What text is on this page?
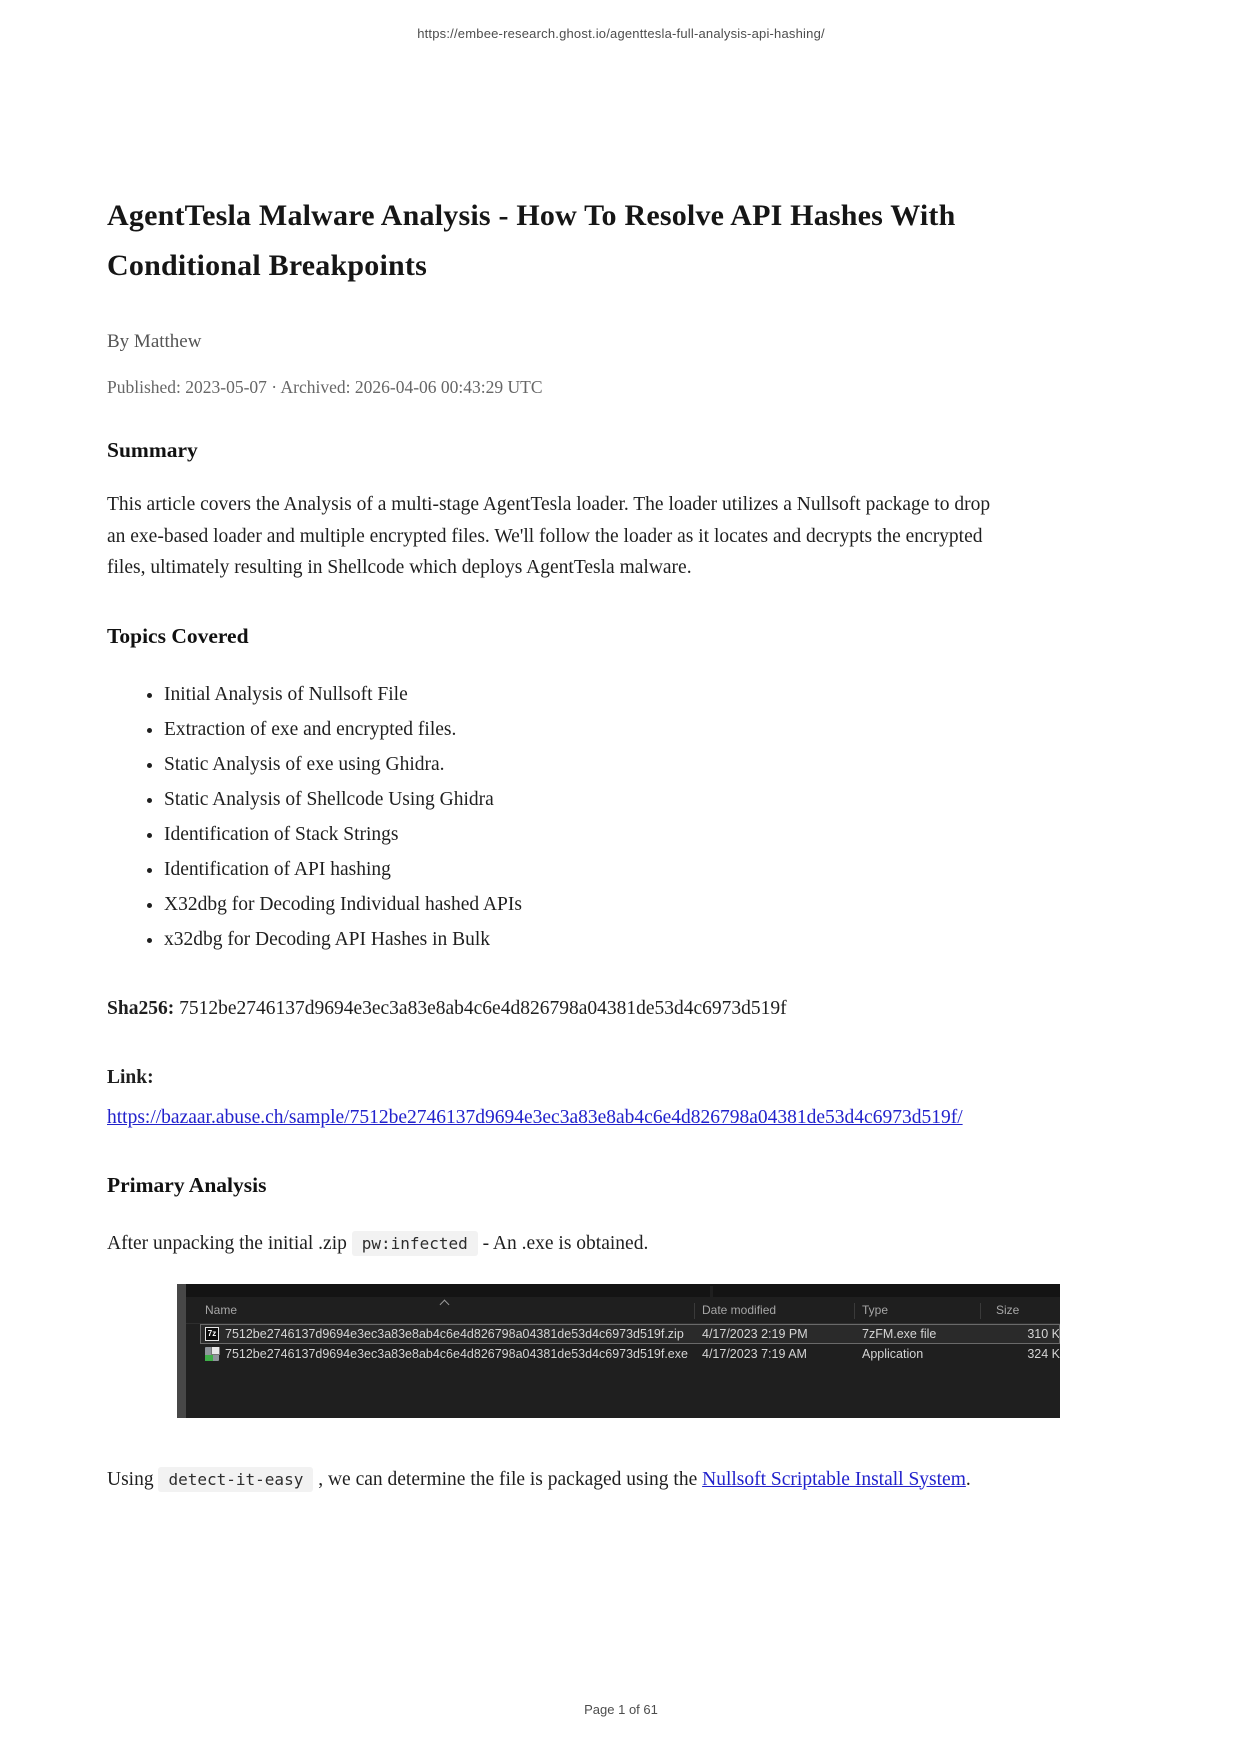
https://embee-research.ghost.io/agenttesla-full-analysis-api-hashing/
AgentTesla Malware Analysis - How To Resolve API Hashes With Conditional Breakpoints

By Matthew

Published: 2023-05-07 · Archived: 2026-04-06 00:43:29 UTC

Summary

This article covers the Analysis of a multi-stage AgentTesla loader. The loader utilizes a Nullsoft package to drop an exe-based loader and multiple encrypted files. We'll follow the loader as it locates and decrypts the encrypted files, ultimately resulting in Shellcode which deploys AgentTesla malware.

Topics Covered
• Initial Analysis of Nullsoft File
• Extraction of exe and encrypted files.
• Static Analysis of exe using Ghidra.
• Static Analysis of Shellcode Using Ghidra
• Identification of Stack Strings
• Identification of API hashing
• X32dbg for Decoding Individual hashed APIs
• x32dbg for Decoding API Hashes in Bulk

Sha256: 7512be2746137d9694e3ec3a83e8ab4c6e4d826798a04381de53d4c6973d519f

Link:

https://bazaar.abuse.ch/sample/7512be2746137d9694e3ec3a83e8ab4c6e4d826798a04381de53d4c6973d519f/

Primary Analysis

After unpacking the initial .zip pw:infected - An .exe is obtained.

Name	Date modified	Type	Size
7z 7512be2746137d9694e3ec3a83e8ab4c6e4d826798a04381de53d4c6973d519f.zip 4/17/2023 2:19 PM	7zFM.exe file	310 K
7512be2746137d9694e3ec3a83e8ab4c6e4d826798a04381de53d4c6973d519f.exe 4/17/2023 7:19 AM	Application	324 K

Using detect-it-easy , we can determine the file is packaged using the Nullsoft Scriptable Install System.

Page 1 of 61
